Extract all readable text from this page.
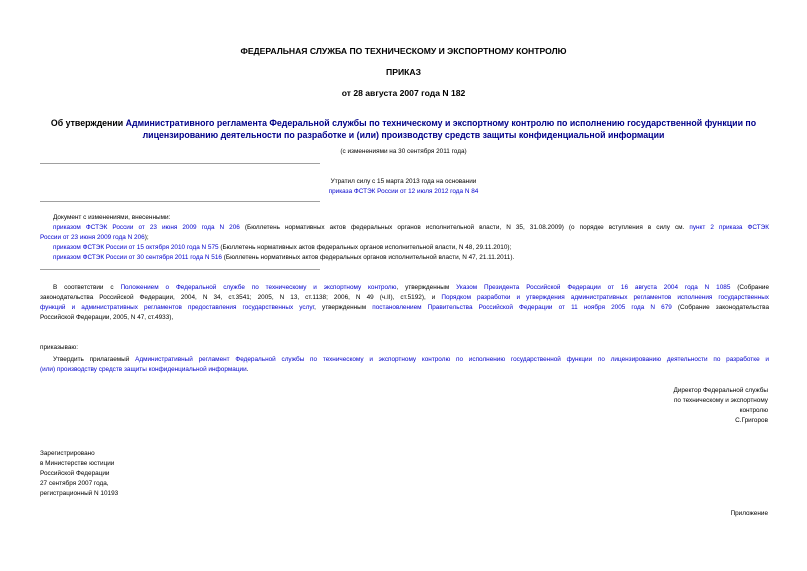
ФЕДЕРАЛЬНАЯ СЛУЖБА ПО ТЕХНИЧЕСКОМУ И ЭКСПОРТНОМУ КОНТРОЛЮ
ПРИКАЗ
от 28 августа 2007 года N 182
Об утверждении Административного регламента Федеральной службы по техническому и экспортному контролю по исполнению государственной функции по
лицензированию деятельности по разработке и (или) производству средств защиты конфиденциальной информации
(с изменениями на 30 сентября 2011 года)
Утратил силу с 15 марта 2013 года на основании
приказа ФСТЭК России от 12 июля 2012 года N 84
Документ с изменениями, внесенными:
приказом ФСТЭК России от 23 июня 2009 года N 206 (Бюллетень нормативных актов федеральных органов исполнительной власти, N 35, 31.08.2009) (о порядке вступления в силу см. пункт 2 приказа ФСТЭК
России от 23 июня 2009 года N 206);
приказом ФСТЭК России от 15 октября 2010 года N 575 (Бюллетень нормативных актов федеральных органов исполнительной власти, N 48, 29.11.2010);
приказом ФСТЭК России от 30 сентября 2011 года N 516 (Бюллетень нормативных актов федеральных органов исполнительной власти, N 47, 21.11.2011).
В соответствии с Положением о Федеральной службе по техническому и экспортному контролю, утвержденным Указом Президента Российской Федерации от 16 августа 2004 года N 1085 (Собрание
законодательства Российской Федерации, 2004, N 34, ст.3541; 2005, N 13, ст.1138; 2006, N 49 (ч.II), ст.5192), и Порядком разработки и утверждения административных регламентов исполнения государственных
функций и административных регламентов предоставления государственных услуг, утвержденным постановлением Правительства Российской Федерации от 11 ноября 2005 года N 679 (Собрание законодательства
Российской Федерации, 2005, N 47, ст.4933),
приказываю:
Утвердить прилагаемый Административный регламент Федеральной службы по техническому и экспортному контролю по исполнению государственной функции по лицензированию деятельности по разработке и
(или) производству средств защиты конфиденциальной информации.
Директор Федеральной службы
по техническому и экспортному
контролю
С.Григоров
Зарегистрировано
в Министерстве юстиции
Российской Федерации
27 сентября 2007 года,
регистрационный N 10193
Приложение
